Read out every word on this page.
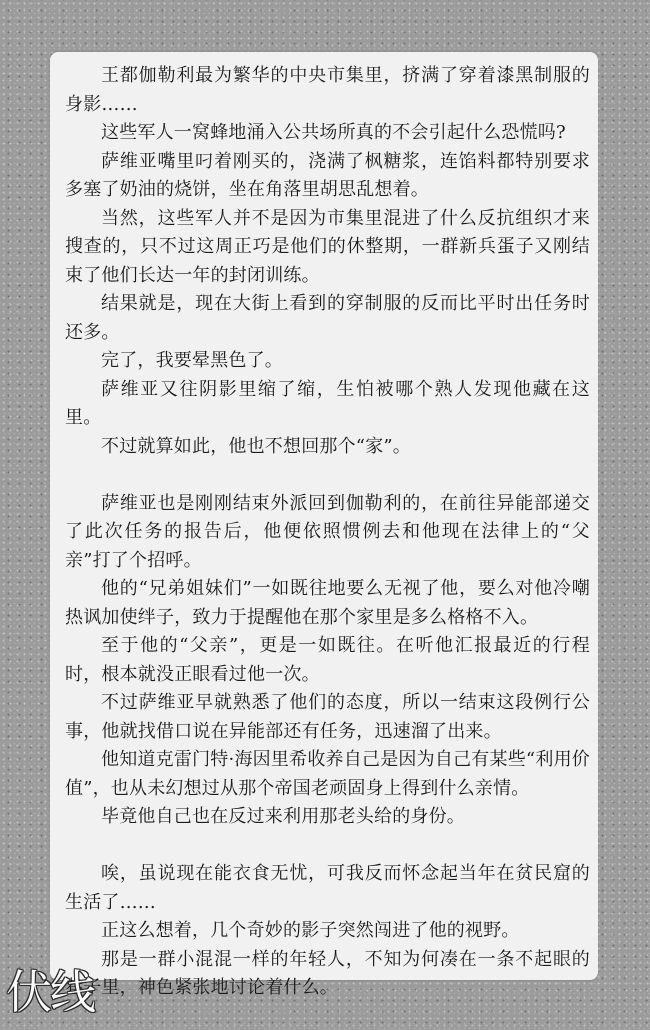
王都伽勒利最为繁华的中央市集里，挤满了穿着漆黑制服的身影……

这些军人一窝蜂地涌入公共场所真的不会引起什么恐慌吗?

萨维亚嘴里叼着刚买的，浇满了枫糖浆，连馅料都特别要求多塞了奶油的烧饼，坐在角落里胡思乱想着。

当然，这些军人并不是因为市集里混进了什么反抗组织才来搜查的，只不过这周正巧是他们的休整期，一群新兵蛋子又刚结束了他们长达一年的封闭训练。

结果就是，现在大街上看到的穿制服的反而比平时出任务时还多。

完了，我要晕黑色了。

萨维亚又往阴影里缩了缩，生怕被哪个熟人发现他藏在这里。

不过就算如此，他也不想回那个“家”。

萨维亚也是刚刚结束外派回到伽勒利的，在前往异能部递交了此次任务的报告后，他便依照惯例去和他现在法律上的“父亲”打了个招呼。

他的“兄弟姐妹们”一如既往地要么无视了他，要么对他冷嘲热讽加使绊子，致力于提醒他在那个家里是多么格格不入。

至于他的“父亲”，更是一如既往。在听他汇报最近的行程时，根本就没正眼看过他一次。

不过萨维亚早就熟悉了他们的态度，所以一结束这段例行公事，他就找借口说在异能部还有任务，迅速溜了出来。

他知道克雷门特·海因里希收养自己是因为自己有某些“利用价值”，也从未幻想过从那个帝国老顽固身上得到什么亲情。

毕竟他自己也在反过来利用那老头给的身份。

唉，虽说现在能衣食无忧，可我反而怀念起当年在贫民窟的生活了……

正这么想着，几个奇妙的影子突然闯进了他的视野。

那是一群小混混一样的年轻人，不知为何凑在一条不起眼的巷子里，神色紧张地讨论着什么。

伏线
